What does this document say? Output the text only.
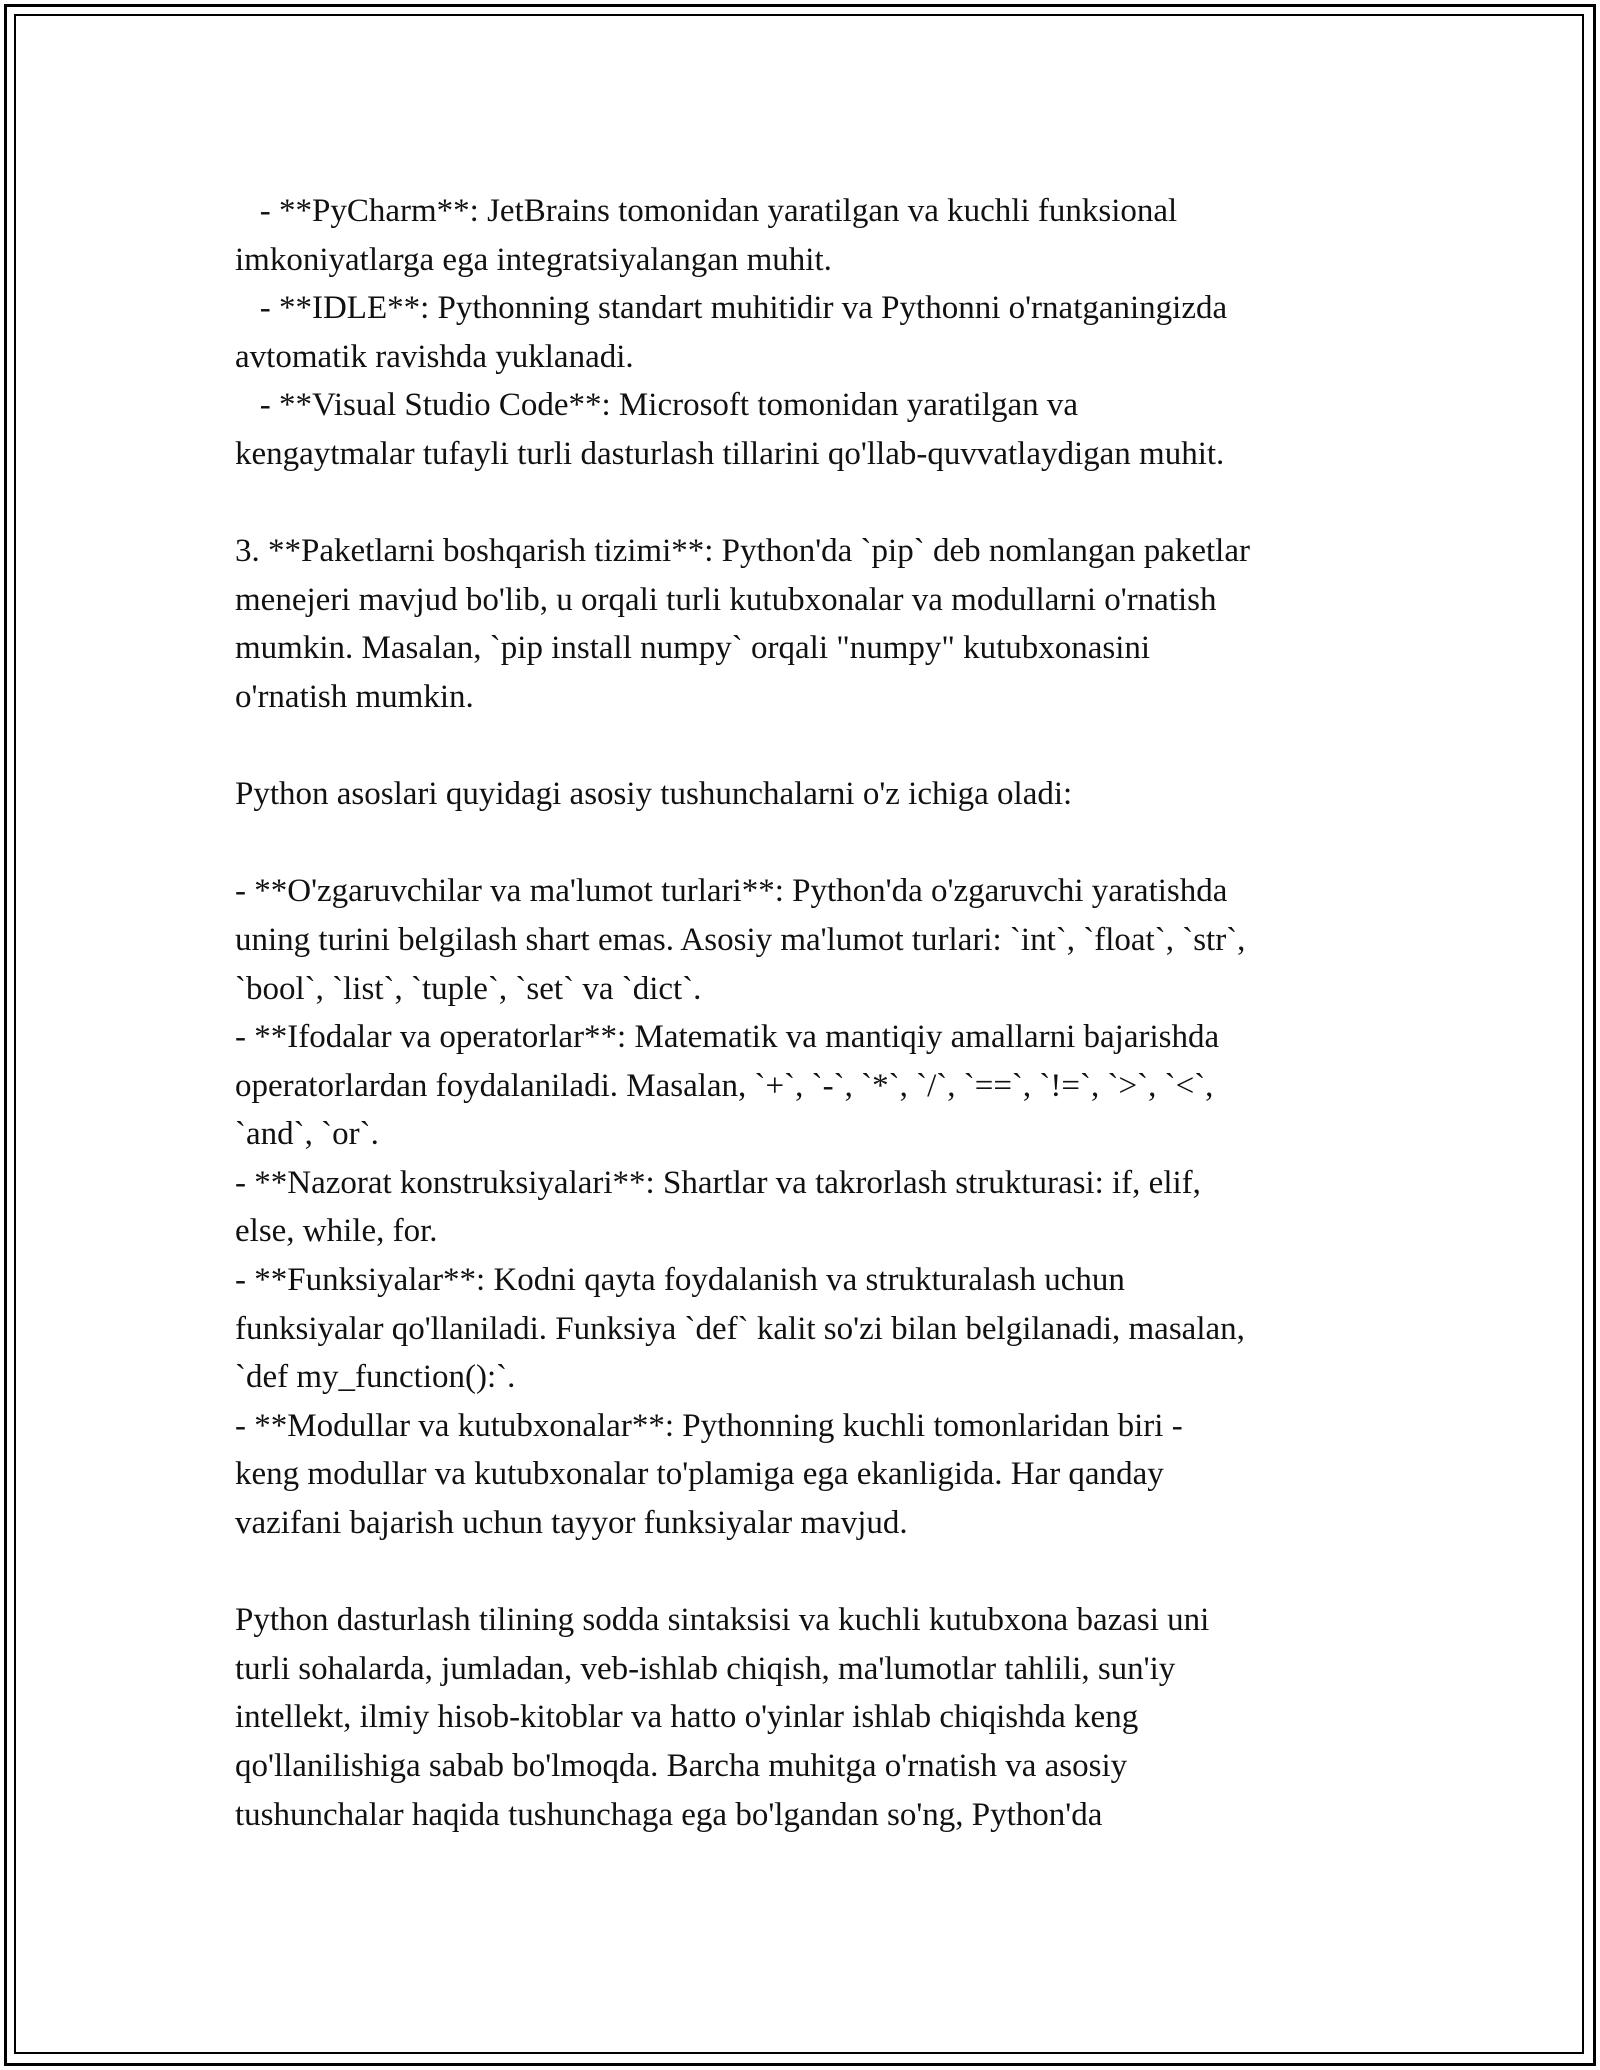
- **PyCharm**: JetBrains tomonidan yaratilgan va kuchli funksional
imkoniyatlarga ega integratsiyalangan muhit.
- **IDLE**: Pythonning standart muhitidir va Pythonni o'rnatganingizda
avtomatik ravishda yuklanadi.
- **Visual Studio Code**: Microsoft tomonidan yaratilgan va
kengaytmalar tufayli turli dasturlash tillarini qo'llab-quvvatlaydigan muhit.
3. **Paketlarni boshqarish tizimi**: Python'da `pip` deb nomlangan paketlar
menejeri mavjud bo'lib, u orqali turli kutubxonalar va modullarni o'rnatish
mumkin. Masalan, `pip install numpy` orqali "numpy" kutubxonasini
o'rnatish mumkin.
Python asoslari quyidagi asosiy tushunchalarni o'z ichiga oladi:
- **O'zgaruvchilar va ma'lumot turlari**: Python'da o'zgaruvchi yaratishda
uning turini belgilash shart emas. Asosiy ma'lumot turlari: `int`, `float`, `str`,
`bool`, `list`, `tuple`, `set` va `dict`.
- **Ifodalar va operatorlar**: Matematik va mantiqiy amallarni bajarishda
operatorlardan foydalaniladi. Masalan, `+`, `-`, `*`, `/`, `==`, `!=`, `>`, `<`,
`and`, `or`.
- **Nazorat konstruksiyalari**: Shartlar va takrorlash strukturasi: if, elif,
else, while, for.
- **Funksiyalar**: Kodni qayta foydalanish va strukturalash uchun
funksiyalar qo'llaniladi. Funksiya `def` kalit so'zi bilan belgilanadi, masalan,
`def my_function():`.
- **Modullar va kutubxonalar**: Pythonning kuchli tomonlaridan biri -
keng modullar va kutubxonalar to'plamiga ega ekanligida. Har qanday
vazifani bajarish uchun tayyor funksiyalar mavjud.
Python dasturlash tilining sodda sintaksisi va kuchli kutubxona bazasi uni
turli sohalarda, jumladan, veb-ishlab chiqish, ma'lumotlar tahlili, sun'iy
intellekt, ilmiy hisob-kitoblar va hatto o'yinlar ishlab chiqishda keng
qo'llanilishiga sabab bo'lmoqda. Barcha muhitga o'rnatish va asosiy
tushunchalar haqida tushunchaga ega bo'lgandan so'ng, Python'da
